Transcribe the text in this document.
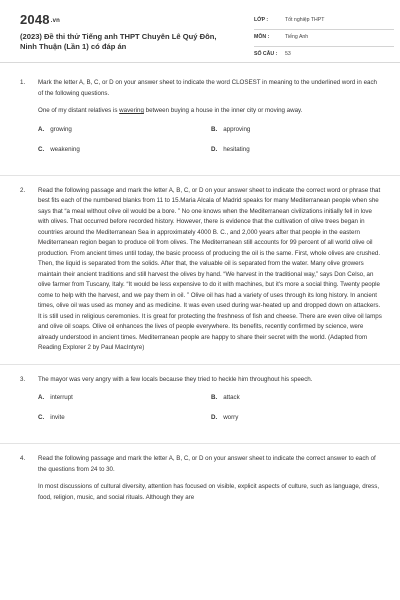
2048.vn
(2023) Đề thi thử Tiếng anh THPT Chuyên Lê Quý Đôn, Ninh Thuận (Lần 1) có đáp án
LỚP :	Tốt nghiệp THPT
MÔN :	Tiếng Anh
SỐ CÂU : 53
1. Mark the letter A, B, C, or D on your answer sheet to indicate the word CLOSEST in meaning to the underlined word in each of the following questions.

One of my distant relatives is wavering between buying a house in the inner city or moving away.

A. growing	B. approving
C. weakening	D. hesitating
2. Read the following passage and mark the letter A, B, C, or D on your answer sheet to indicate the correct word or phrase that best fits each of the numbered blanks from 11 to 15.Maria Alcala of Madrid speaks for many Mediterranean people when she says that “a meal without olive oil would be a bore. ” No one knows when the Mediterranean civilizations initially fell in love with olives. That occurred before recorded history. However, there is evidence that the cultivation of olive trees began in countries around the Mediterranean Sea in approximately 4000 B. C., and 2,000 years after that people in the eastern Mediterranean region began to produce oil from olives. The Mediterranean still accounts for 99 percent of all world olive oil production. From ancient times until today, the basic process of producing the oil is the same. First, whole olives are crushed. Then, the liquid is separated from the solids. After that, the valuable oil is separated from the water. Many olive growers maintain their ancient traditions and still harvest the olives by hand. “We harvest in the traditional way,” says Don Celso, an olive farmer from Tuscany, Italy. “It would be less expensive to do it with machines, but it's more a social thing. Twenty people come to help with the harvest, and we pay them in oil. ” Olive oil has had a variety of uses through its long history. In ancient times, olive oil was used as money and as medicine. It was even used during war-heated up and dropped down on attackers. It is still used in religious ceremonies. It is great for protecting the freshness of fish and cheese. There are even olive oil lamps and olive oil soaps. Olive oil enhances the lives of people everywhere. Its benefits, recently confirmed by science, were already understood in ancient times. Mediterranean people are happy to share their secret with the world. (Adapted from Reading Explorer 2 by Paul MacIntyre)

3. The mayor was very angry with a few locals because they tried to heckle him throughout his speech.

A. interrupt	B. attack
C. invite	D. worry
4. Read the following passage and mark the letter A, B, C, or D on your answer sheet to indicate the correct answer to each of the questions from 24 to 30.

In most discussions of cultural diversity, attention has focused on visible, explicit aspects of culture, such as language, dress, food, religion, music, and social rituals. Although they are
